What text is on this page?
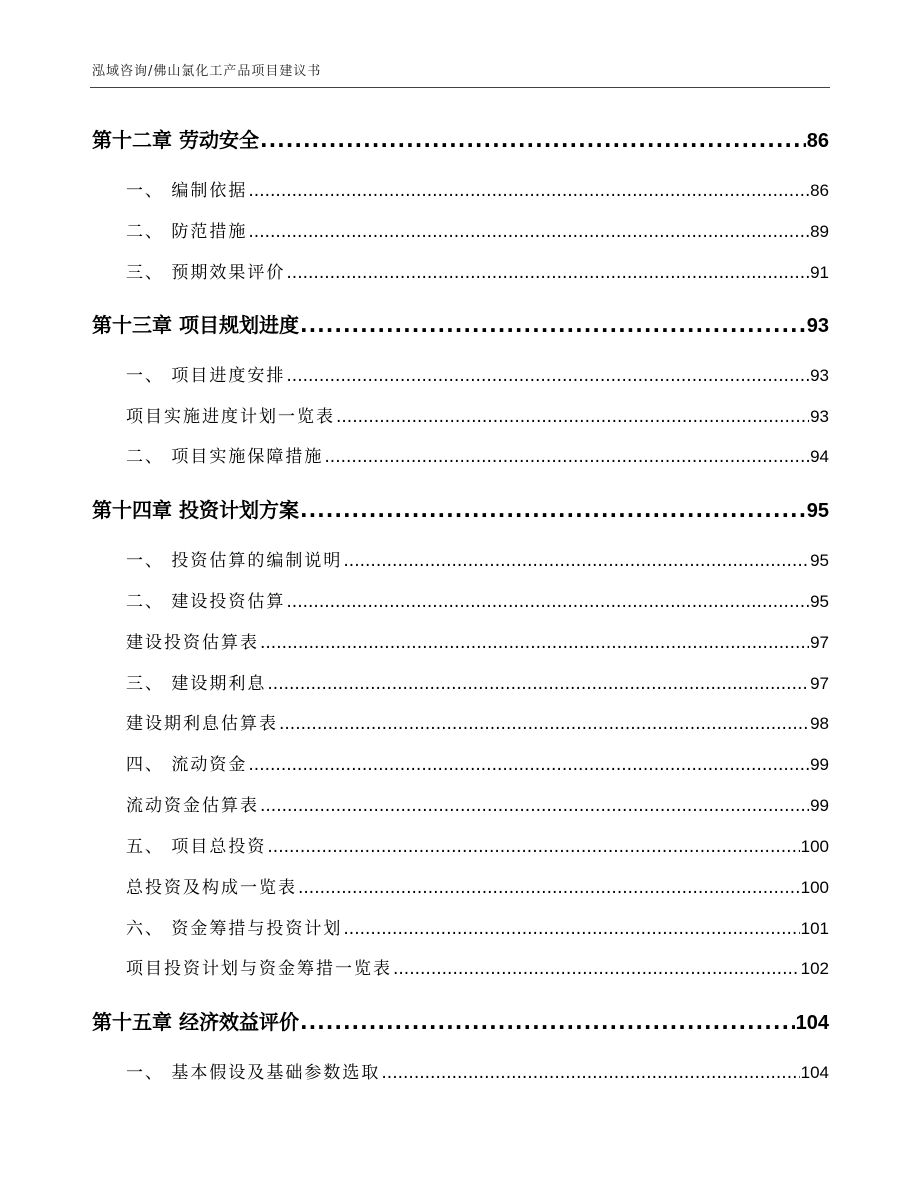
泓域咨询/佛山氯化工产品项目建议书
第十二章 劳动安全 .....	86
一、 编制依据 .....	86
二、 防范措施 .....	89
三、 预期效果评价 .....	91
第十三章 项目规划进度 .....	93
一、 项目进度安排 .....	93
项目实施进度计划一览表 .....	93
二、 项目实施保障措施 .....	94
第十四章 投资计划方案 .....	95
一、 投资估算的编制说明 .....	95
二、 建设投资估算 .....	95
建设投资估算表 .....	97
三、 建设期利息 .....	97
建设期利息估算表 .....	98
四、 流动资金 .....	99
流动资金估算表 .....	99
五、 项目总投资 .....	100
总投资及构成一览表 .....	100
六、 资金筹措与投资计划 .....	101
项目投资计划与资金筹措一览表 .....	102
第十五章 经济效益评价 .....	104
一、 基本假设及基础参数选取 .....	104
